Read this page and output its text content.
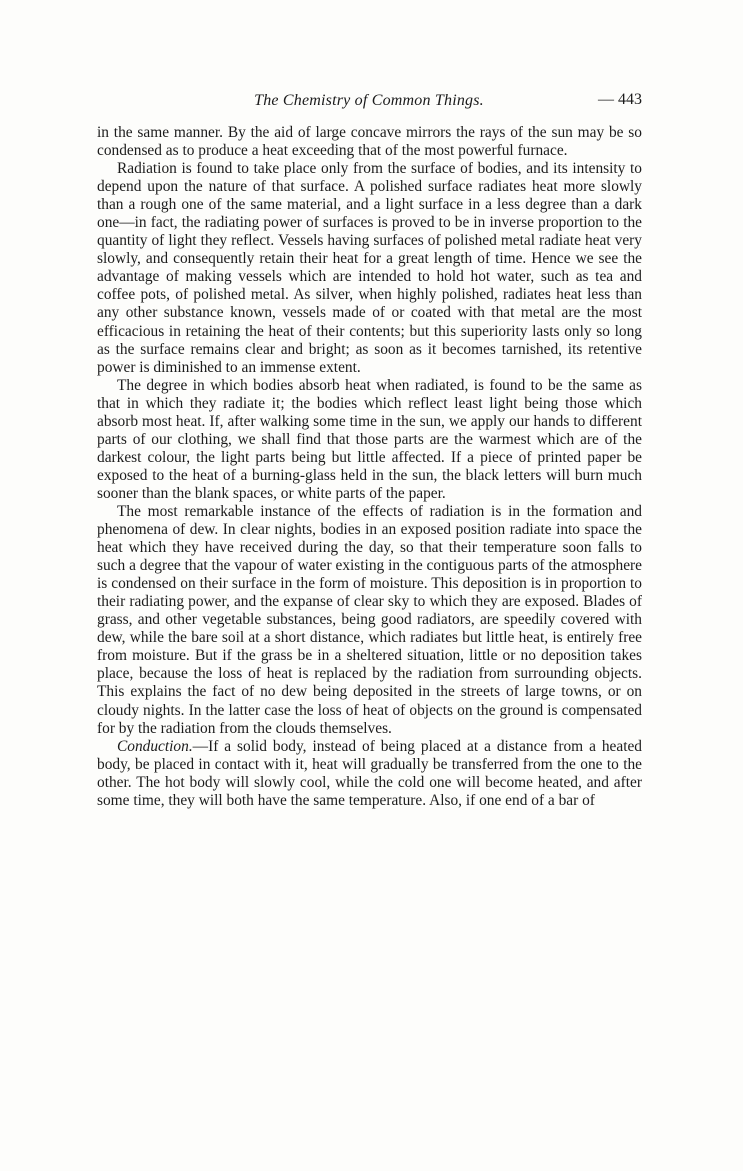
The Chemistry of Common Things.	— 443

in the same manner. By the aid of large concave mirrors the rays of the sun may be so condensed as to produce a heat exceeding that of the most powerful furnace.

Radiation is found to take place only from the surface of bodies, and its intensity to depend upon the nature of that surface. A polished surface radiates heat more slowly than a rough one of the same material, and a light surface in a less degree than a dark one—in fact, the radiating power of surfaces is proved to be in inverse proportion to the quantity of light they reflect. Vessels having surfaces of polished metal radiate heat very slowly, and consequently retain their heat for a great length of time. Hence we see the advantage of making vessels which are intended to hold hot water, such as tea and coffee pots, of polished metal. As silver, when highly polished, radiates heat less than any other substance known, vessels made of or coated with that metal are the most efficacious in retaining the heat of their contents; but this superiority lasts only so long as the surface remains clear and bright; as soon as it becomes tarnished, its retentive power is diminished to an immense extent.

The degree in which bodies absorb heat when radiated, is found to be the same as that in which they radiate it; the bodies which reflect least light being those which absorb most heat. If, after walking some time in the sun, we apply our hands to different parts of our clothing, we shall find that those parts are the warmest which are of the darkest colour, the light parts being but little affected. If a piece of printed paper be exposed to the heat of a burning-glass held in the sun, the black letters will burn much sooner than the blank spaces, or white parts of the paper.

The most remarkable instance of the effects of radiation is in the formation and phenomena of dew. In clear nights, bodies in an exposed position radiate into space the heat which they have received during the day, so that their temperature soon falls to such a degree that the vapour of water existing in the contiguous parts of the atmosphere is condensed on their surface in the form of moisture. This deposition is in proportion to their radiating power, and the expanse of clear sky to which they are exposed. Blades of grass, and other vegetable substances, being good radiators, are speedily covered with dew, while the bare soil at a short distance, which radiates but little heat, is entirely free from moisture. But if the grass be in a sheltered situation, little or no deposition takes place, because the loss of heat is replaced by the radiation from surrounding objects. This explains the fact of no dew being deposited in the streets of large towns, or on cloudy nights. In the latter case the loss of heat of objects on the ground is compensated for by the radiation from the clouds themselves.

Conduction.—If a solid body, instead of being placed at a distance from a heated body, be placed in contact with it, heat will gradually be transferred from the one to the other. The hot body will slowly cool, while the cold one will become heated, and after some time, they will both have the same temperature. Also, if one end of a bar of
